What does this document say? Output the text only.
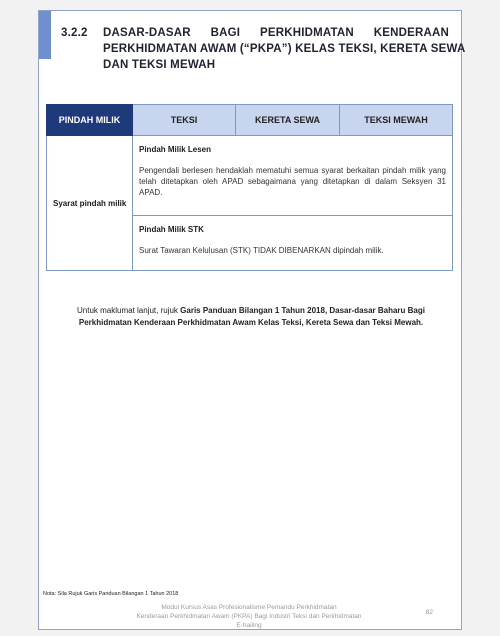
3.2.2 DASAR-DASAR BAGI PERKHIDMATAN KENDERAAN
PERKHIDMATAN AWAM (“PKPA”) KELAS TEKSI, KERETA SEWA
DAN TEKSI MEWAH
PINDAH MILIK	TEKSI	KERETA SEWA	TEKSI MEWAH
Syarat pindah milik	Pindah Milik Lesen
Pengendali berlesen hendaklah mematuhi semua syarat berkaitan pindah milik yang telah ditetapkan oleh APAD sebagaimana yang ditetapkan di dalam Seksyen 31 APAD.
Pindah Milik STK
Surat Tawaran Kelulusan (STK) TIDAK DIBENARKAN dipindah milik.		
Untuk maklumat lanjut, rujuk Garis Panduan Bilangan 1 Tahun 2018, Dasar-dasar Baharu Bagi Perkhidmatan Kenderaan Perkhidmatan Awam Kelas Teksi, Kereta Sewa dan Teksi Mewah.
Nota: Sila Rujuk Garis Panduan Bilangan 1 Tahun 2018
Modul Kursus Asas Profesionalisme Pemandu Perkhidmatan
Kenderaan Perkhidmatan Awam (PKPA) Bagi Industri Teksi dan Perkhidmatan
E-hailing
82
